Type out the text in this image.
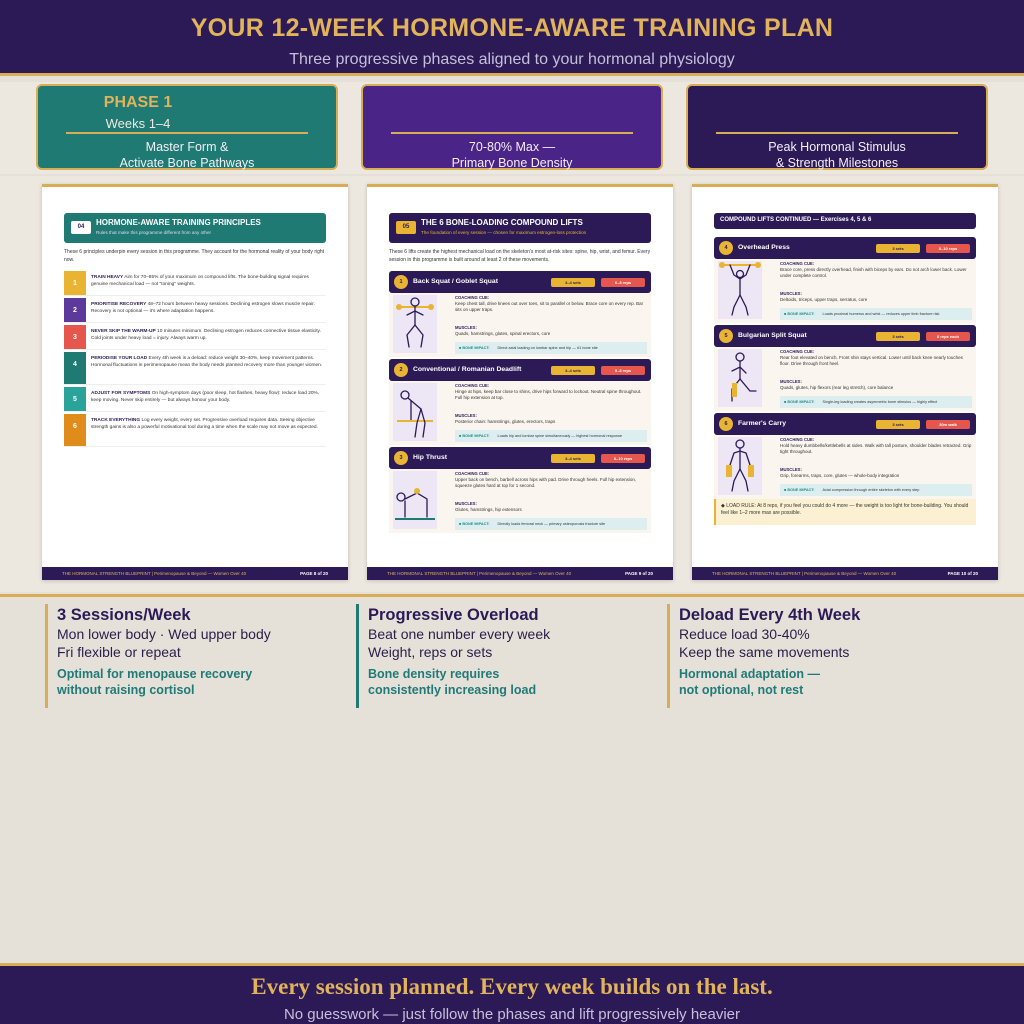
YOUR 12-WEEK HORMONE-AWARE TRAINING PLAN
Three progressive phases aligned to your hormonal physiology
PHASE 1
Weeks 1–4
Master Form &
Activate Bone Pathways
70-80% Max —
Primary Bone Density
Peak Hormonal Stimulus
& Strength Milestones
04	HORMONE-AWARE TRAINING PRINCIPLES
Rules that make this programme different from any other
These 6 principles underpin every session in this programme. They account for the hormonal reality of your body right now.
1
TRAIN HEAVY Aim for 70–85% of your maximum on compound lifts. The bone-building signal requires genuine mechanical load — not "toning" weights.
2
PRIORITISE RECOVERY 48–72 hours between heavy sessions. Declining estrogen slows muscle repair. Recovery is not optional — it's where adaptation happens.
3
NEVER SKIP THE WARM-UP 10 minutes minimum. Declining estrogen reduces connective tissue elasticity. Cold joints under heavy load = injury. Always warm up.
4
PERIODISE YOUR LOAD Every 4th week is a deload: reduce weight 30–40%, keep movement patterns. Hormonal fluctuations in perimenopause mean the body needs planned recovery more than younger women.
5
ADJUST FOR SYMPTOMS On high-symptom days (poor sleep, hot flashes, heavy flow): reduce load 20%, keep moving. Never skip entirely — but always honour your body.
6
TRACK EVERYTHING Log every weight, every set. Progressive overload requires data. Seeing objective strength gains is also a powerful motivational tool during a time when the scale may not move as expected.
THE HORMONAL STRENGTH BLUEPRINT | Perimenopause & Beyond — Women Over 40	PAGE 8 of 20
05	THE 6 BONE-LOADING COMPOUND LIFTS
The foundation of every session — chosen for maximum estrogen-loss protection
These 6 lifts create the highest mechanical load on the skeleton's most at-risk sites: spine, hip, wrist, and femur. Every session in this programme is built around at least 2 of these movements.
1	Back Squat / Goblet Squat	3–4 sets	6–8 reps
COACHING CUE:
Keep chest tall, drive knees out over toes, sit to parallel or below. Brace core on every rep. Bar sits on upper traps.
MUSCLES:
Quads, hamstrings, glutes, spinal erectors, core
■ BONE IMPACT: Direct axial loading on lumbar spine and hip — #1 bone site
2	Conventional / Romanian Deadlift	3–4 sets	5–8 reps
COACHING CUE:
Hinge at hips, keep bar close to shins, drive hips forward to lockout. Neutral spine throughout. Full hip extension at top.
MUSCLES:
Posterior chain: hamstrings, glutes, erectors, traps
■ BONE IMPACT: Loads hip and lumbar spine simultaneously — highest hormonal response
3	Hip Thrust	3–4 sets	8–10 reps
COACHING CUE:
Upper back on bench, barbell across hips with pad. Drive through heels. Full hip extension, squeeze glutes hard at top for 1 second.
MUSCLES:
Glutes, hamstrings, hip extensors
■ BONE IMPACT: Directly loads femoral neck — primary osteoporosis fracture site
THE HORMONAL STRENGTH BLUEPRINT | Perimenopause & Beyond — Women Over 40	PAGE 9 of 20
COMPOUND LIFTS CONTINUED — Exercises 4, 5 & 6
4	Overhead Press	3 sets	8–10 reps
COACHING CUE:
Brace core, press directly overhead, finish with biceps by ears. Do not arch lower back. Lower under complete control.
MUSCLES:
Deltoids, triceps, upper traps, serratus, core
■ BONE IMPACT: Loads proximal humerus and wrist — reduces upper limb fracture risk
5	Bulgarian Split Squat	3 sets	8 reps each
COACHING CUE:
Rear foot elevated on bench. Front shin stays vertical. Lower until back knee nearly touches floor. Drive through front heel.
MUSCLES:
Quads, glutes, hip flexors (rear leg stretch), core balance
■ BONE IMPACT: Single-leg loading creates asymmetric bone stimulus — highly effect
6	Farmer's Carry	3 sets	30m walk
COACHING CUE:
Hold heavy dumbbells/kettlebells at sides. Walk with tall posture, shoulder blades retracted. Grip tight throughout.
MUSCLES:
Grip, forearms, traps, core, glutes — whole-body integration
■ BONE IMPACT: Axial compression through entire skeleton with every step
◆ LOAD RULE: At 8 reps, if you feel you could do 4 more — the weight is too light for bone-building. You should feel like 1–2 more max are possible.
THE HORMONAL STRENGTH BLUEPRINT | Perimenopause & Beyond — Women Over 40	PAGE 10 of 20
3 Sessions/Week
Mon lower body · Wed upper body
Fri flexible or repeat
Optimal for menopause recovery
without raising cortisol
Progressive Overload
Beat one number every week
Weight, reps or sets
Bone density requires
consistently increasing load
Deload Every 4th Week
Reduce load 30-40%
Keep the same movements
Hormonal adaptation —
not optional, not rest
Every session planned. Every week builds on the last.
No guesswork — just follow the phases and lift progressively heavier
